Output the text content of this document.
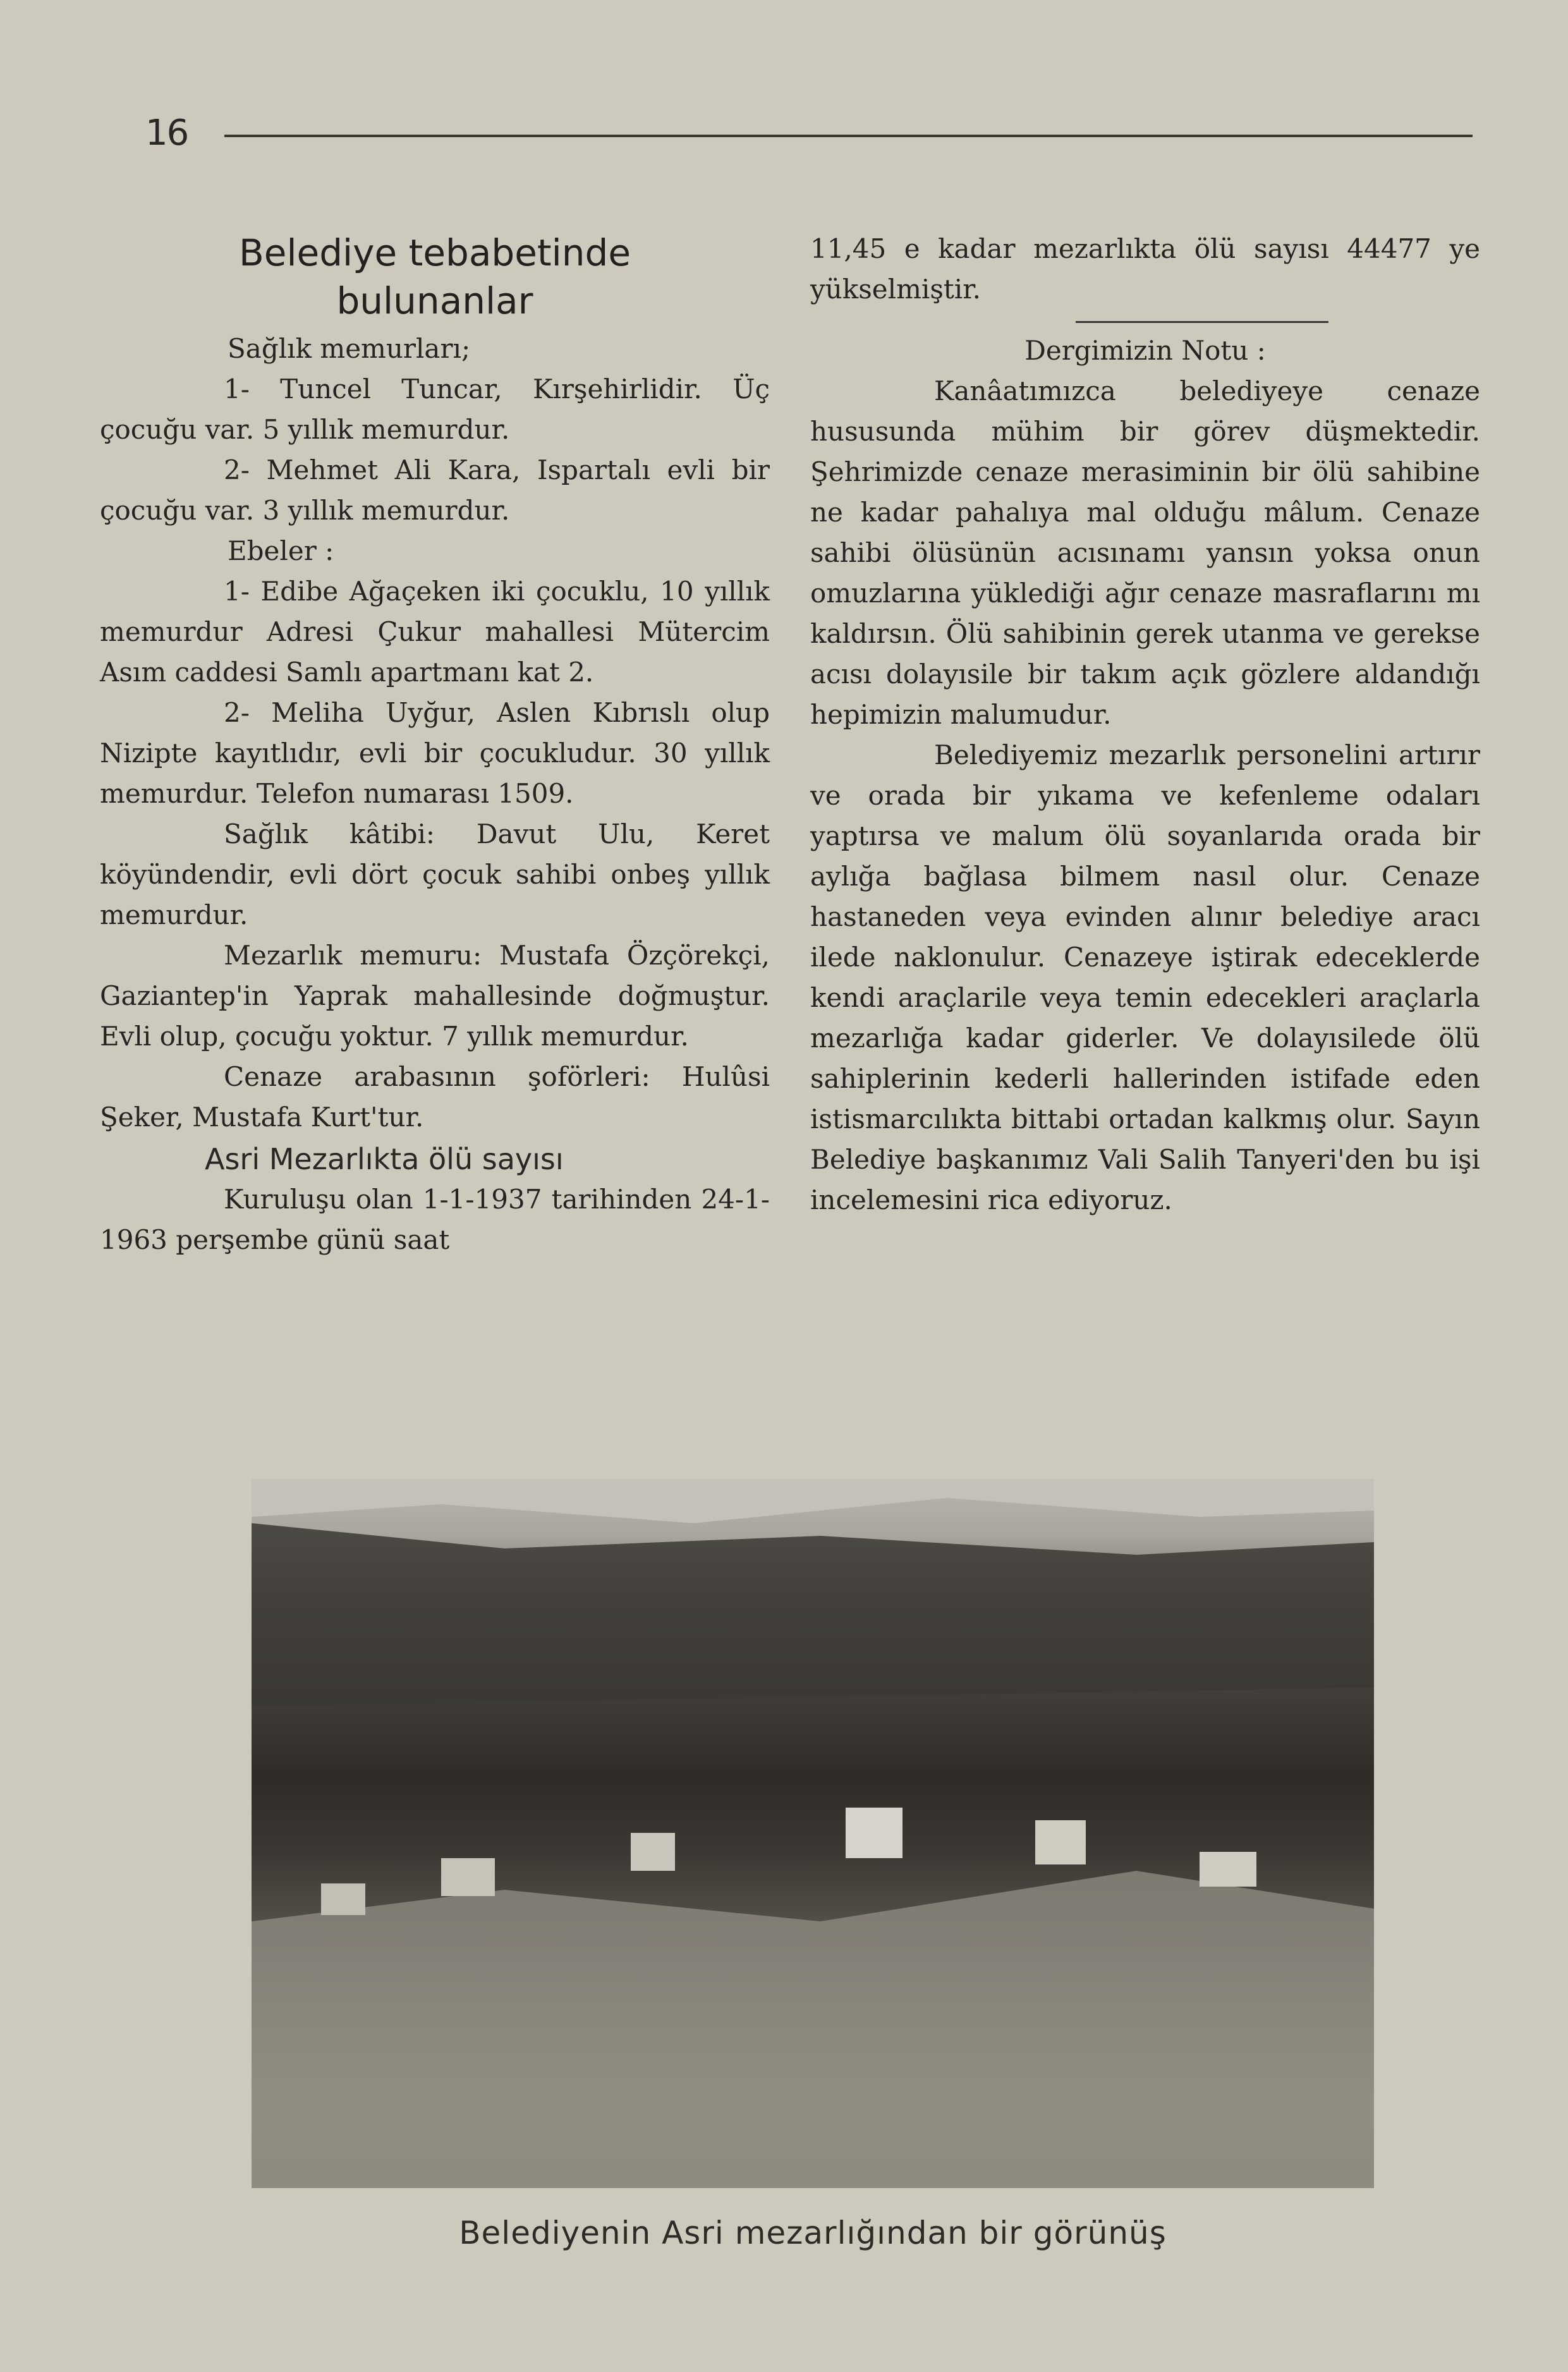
16
Belediye tebabetinde
bulunanlar

Sağlık memurları;

1- Tuncel Tuncar, Kırşehirlidir. Üç çocuğu var. 5 yıllık memurdur.

2- Mehmet Ali Kara, Ispartalı evli bir çocuğu var. 3 yıllık memurdur.

Ebeler :

1- Edibe Ağaçeken iki çocuklu, 10 yıllık memurdur Adresi Çukur mahallesi Mütercim Asım caddesi Samlı apartmanı kat 2.

2- Meliha Uyğur, Aslen Kıbrıslı olup Nizipte kayıtlıdır, evli bir çocukludur. 30 yıllık memurdur. Telefon numarası 1509.

Sağlık kâtibi: Davut Ulu, Keret köyündendir, evli dört çocuk sahibi onbeş yıllık memurdur.

Mezarlık memuru: Mustafa Özçörekçi, Gaziantep'in Yaprak mahallesinde doğmuştur. Evli olup, çocuğu yoktur. 7 yıllık memurdur.

Cenaze arabasının şoförleri: Hulûsi Şeker, Mustafa Kurt'tur.

Asri Mezarlıkta ölü sayısı

Kuruluşu olan 1-1-1937 tarihinden 24-1-1963 perşembe günü saat

11,45 e kadar mezarlıkta ölü sayısı 44477 ye yükselmiştir.

Dergimizin Notu :

Kanâatımızca belediyeye cenaze hususunda mühim bir görev düşmektedir. Şehrimizde cenaze merasiminin bir ölü sahibine ne kadar pahalıya mal olduğu mâlum. Cenaze sahibi ölüsünün acısınamı yansın yoksa onun omuzlarına yüklediği ağır cenaze masraflarını mı kaldırsın. Ölü sahibinin gerek utanma ve gerekse acısı dolayısile bir takım açık gözlere aldandığı hepimizin malumudur.

Belediyemiz mezarlık personelini artırır ve orada bir yıkama ve kefenleme odaları yaptırsa ve malum ölü soyanlarıda orada bir aylığa bağlasa bilmem nasıl olur. Cenaze hastaneden veya evinden alınır belediye aracı ilede naklonulur. Cenazeye iştirak edeceklerde kendi araçlarile veya temin edecekleri araçlarla mezarlığa kadar giderler. Ve dolayısilede ölü sahiplerinin kederli hallerinden istifade eden istismarcılıkta bittabi ortadan kalkmış olur. Sayın Belediye başkanımız Vali Salih Tanyeri'den bu işi incelemesini rica ediyoruz.

Belediyenin Asri mezarlığından bir görünüş
